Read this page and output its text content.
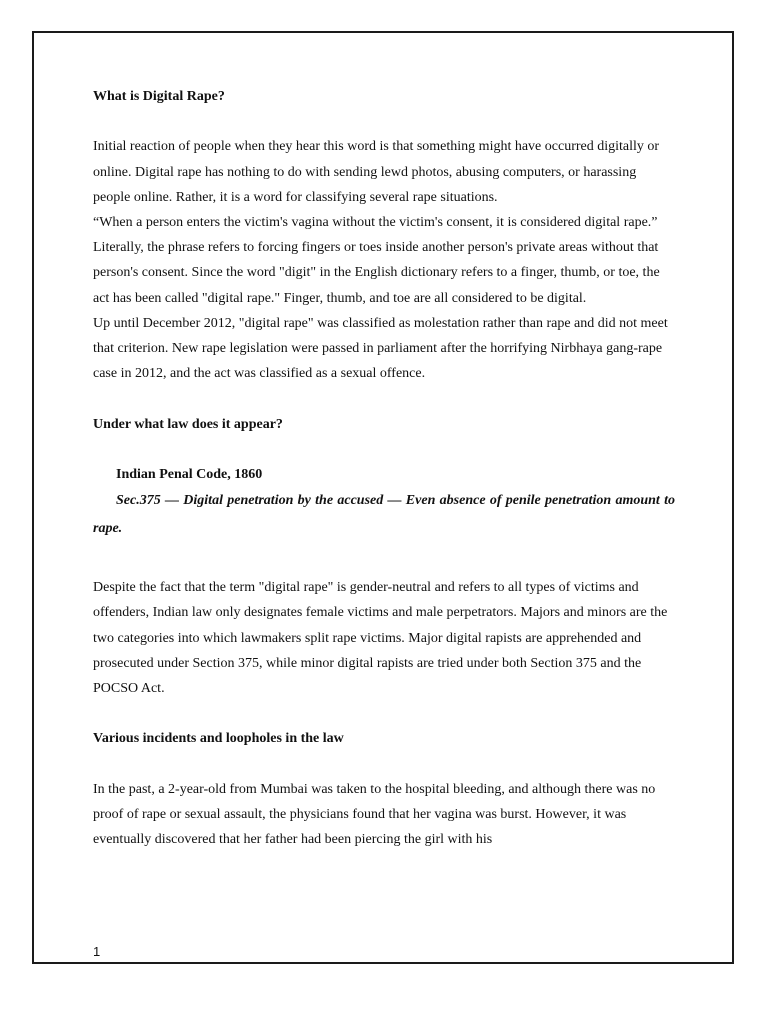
What is Digital Rape?

Initial reaction of people when they hear this word is that something might have occurred digitally or online. Digital rape has nothing to do with sending lewd photos, abusing computers, or harassing people online. Rather, it is a word for classifying several rape situations.

“When a person enters the victim's vagina without the victim's consent, it is considered digital rape.” Literally, the phrase refers to forcing fingers or toes inside another person's private areas without that person's consent. Since the word "digit" in the English dictionary refers to a finger, thumb, or toe, the act has been called "digital rape." Finger, thumb, and toe are all considered to be digital.

Up until December 2012, "digital rape" was classified as molestation rather than rape and did not meet that criterion. New rape legislation were passed in parliament after the horrifying Nirbhaya gang-rape case in 2012, and the act was classified as a sexual offence.

Under what law does it appear?

Indian Penal Code, 1860

Sec.375 — Digital penetration by the accused — Even absence of penile penetration amount to rape.

Despite the fact that the term "digital rape" is gender-neutral and refers to all types of victims and offenders, Indian law only designates female victims and male perpetrators. Majors and minors are the two categories into which lawmakers split rape victims. Major digital rapists are apprehended and prosecuted under Section 375, while minor digital rapists are tried under both Section 375 and the POCSO Act.

Various incidents and loopholes in the law

In the past, a 2-year-old from Mumbai was taken to the hospital bleeding, and although there was no proof of rape or sexual assault, the physicians found that her vagina was burst. However, it was eventually discovered that her father had been piercing the girl with his

1
